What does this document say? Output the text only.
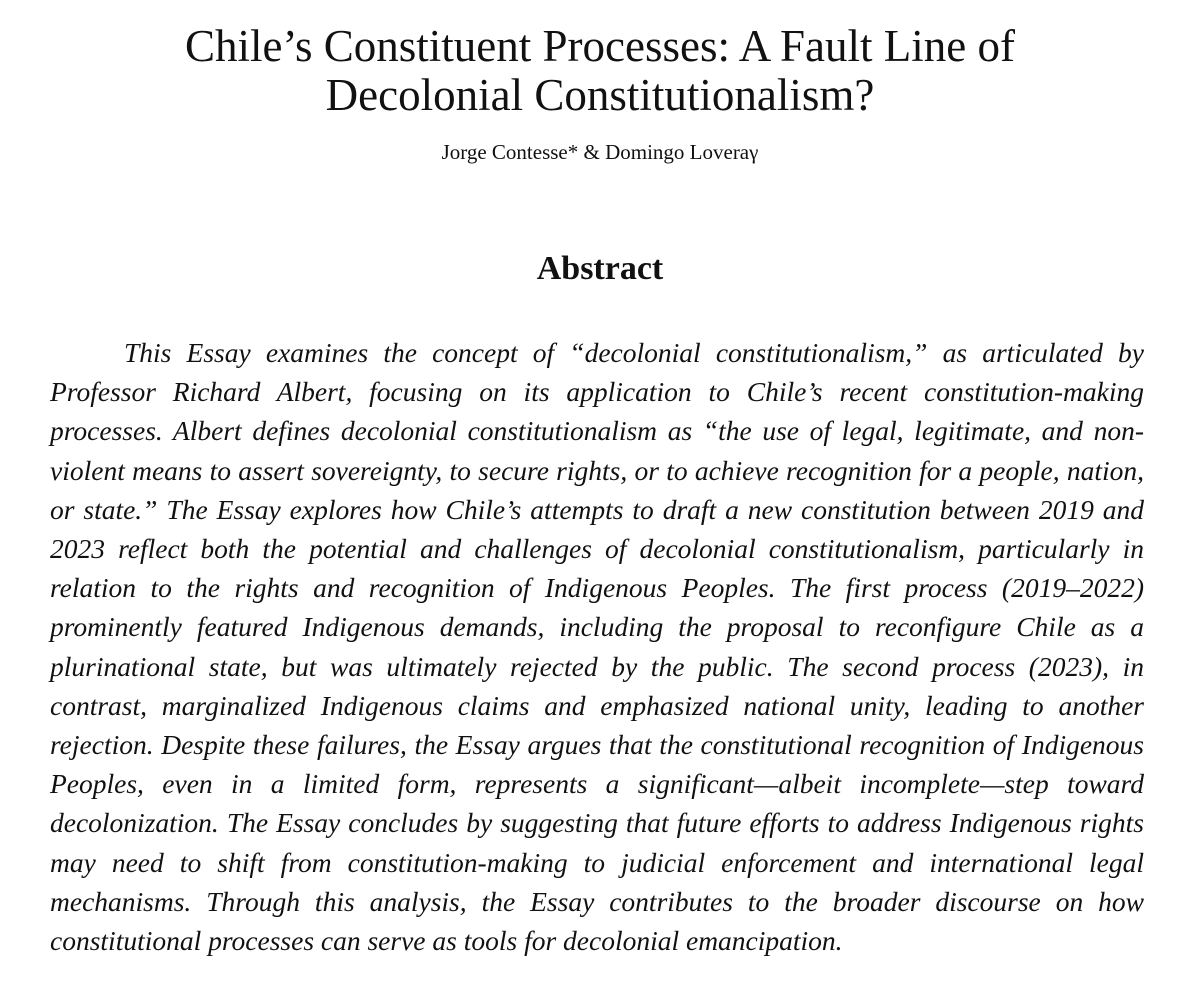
Chile’s Constituent Processes: A Fault Line of
Decolonial Constitutionalism?
Jorge Contesse* & Domingo Loveraγ
Abstract

This Essay examines the concept of “decolonial constitutionalism,” as articulated by Professor Richard Albert, focusing on its application to Chile’s recent constitution-making processes. Albert defines decolonial constitutionalism as “the use of legal, legitimate, and non-violent means to assert sovereignty, to secure rights, or to achieve recognition for a people, nation, or state.” The Essay explores how Chile’s attempts to draft a new constitution between 2019 and 2023 reflect both the potential and challenges of decolonial constitutionalism, particularly in relation to the rights and recognition of Indigenous Peoples. The first process (2019–2022) prominently featured Indigenous demands, including the proposal to reconfigure Chile as a plurinational state, but was ultimately rejected by the public. The second process (2023), in contrast, marginalized Indigenous claims and emphasized national unity, leading to another rejection. Despite these failures, the Essay argues that the constitutional recognition of Indigenous Peoples, even in a limited form, represents a significant—albeit incomplete—step toward decolonization. The Essay concludes by suggesting that future efforts to address Indigenous rights may need to shift from constitution-making to judicial enforcement and international legal mechanisms. Through this analysis, the Essay contributes to the broader discourse on how constitutional processes can serve as tools for decolonial emancipation.
